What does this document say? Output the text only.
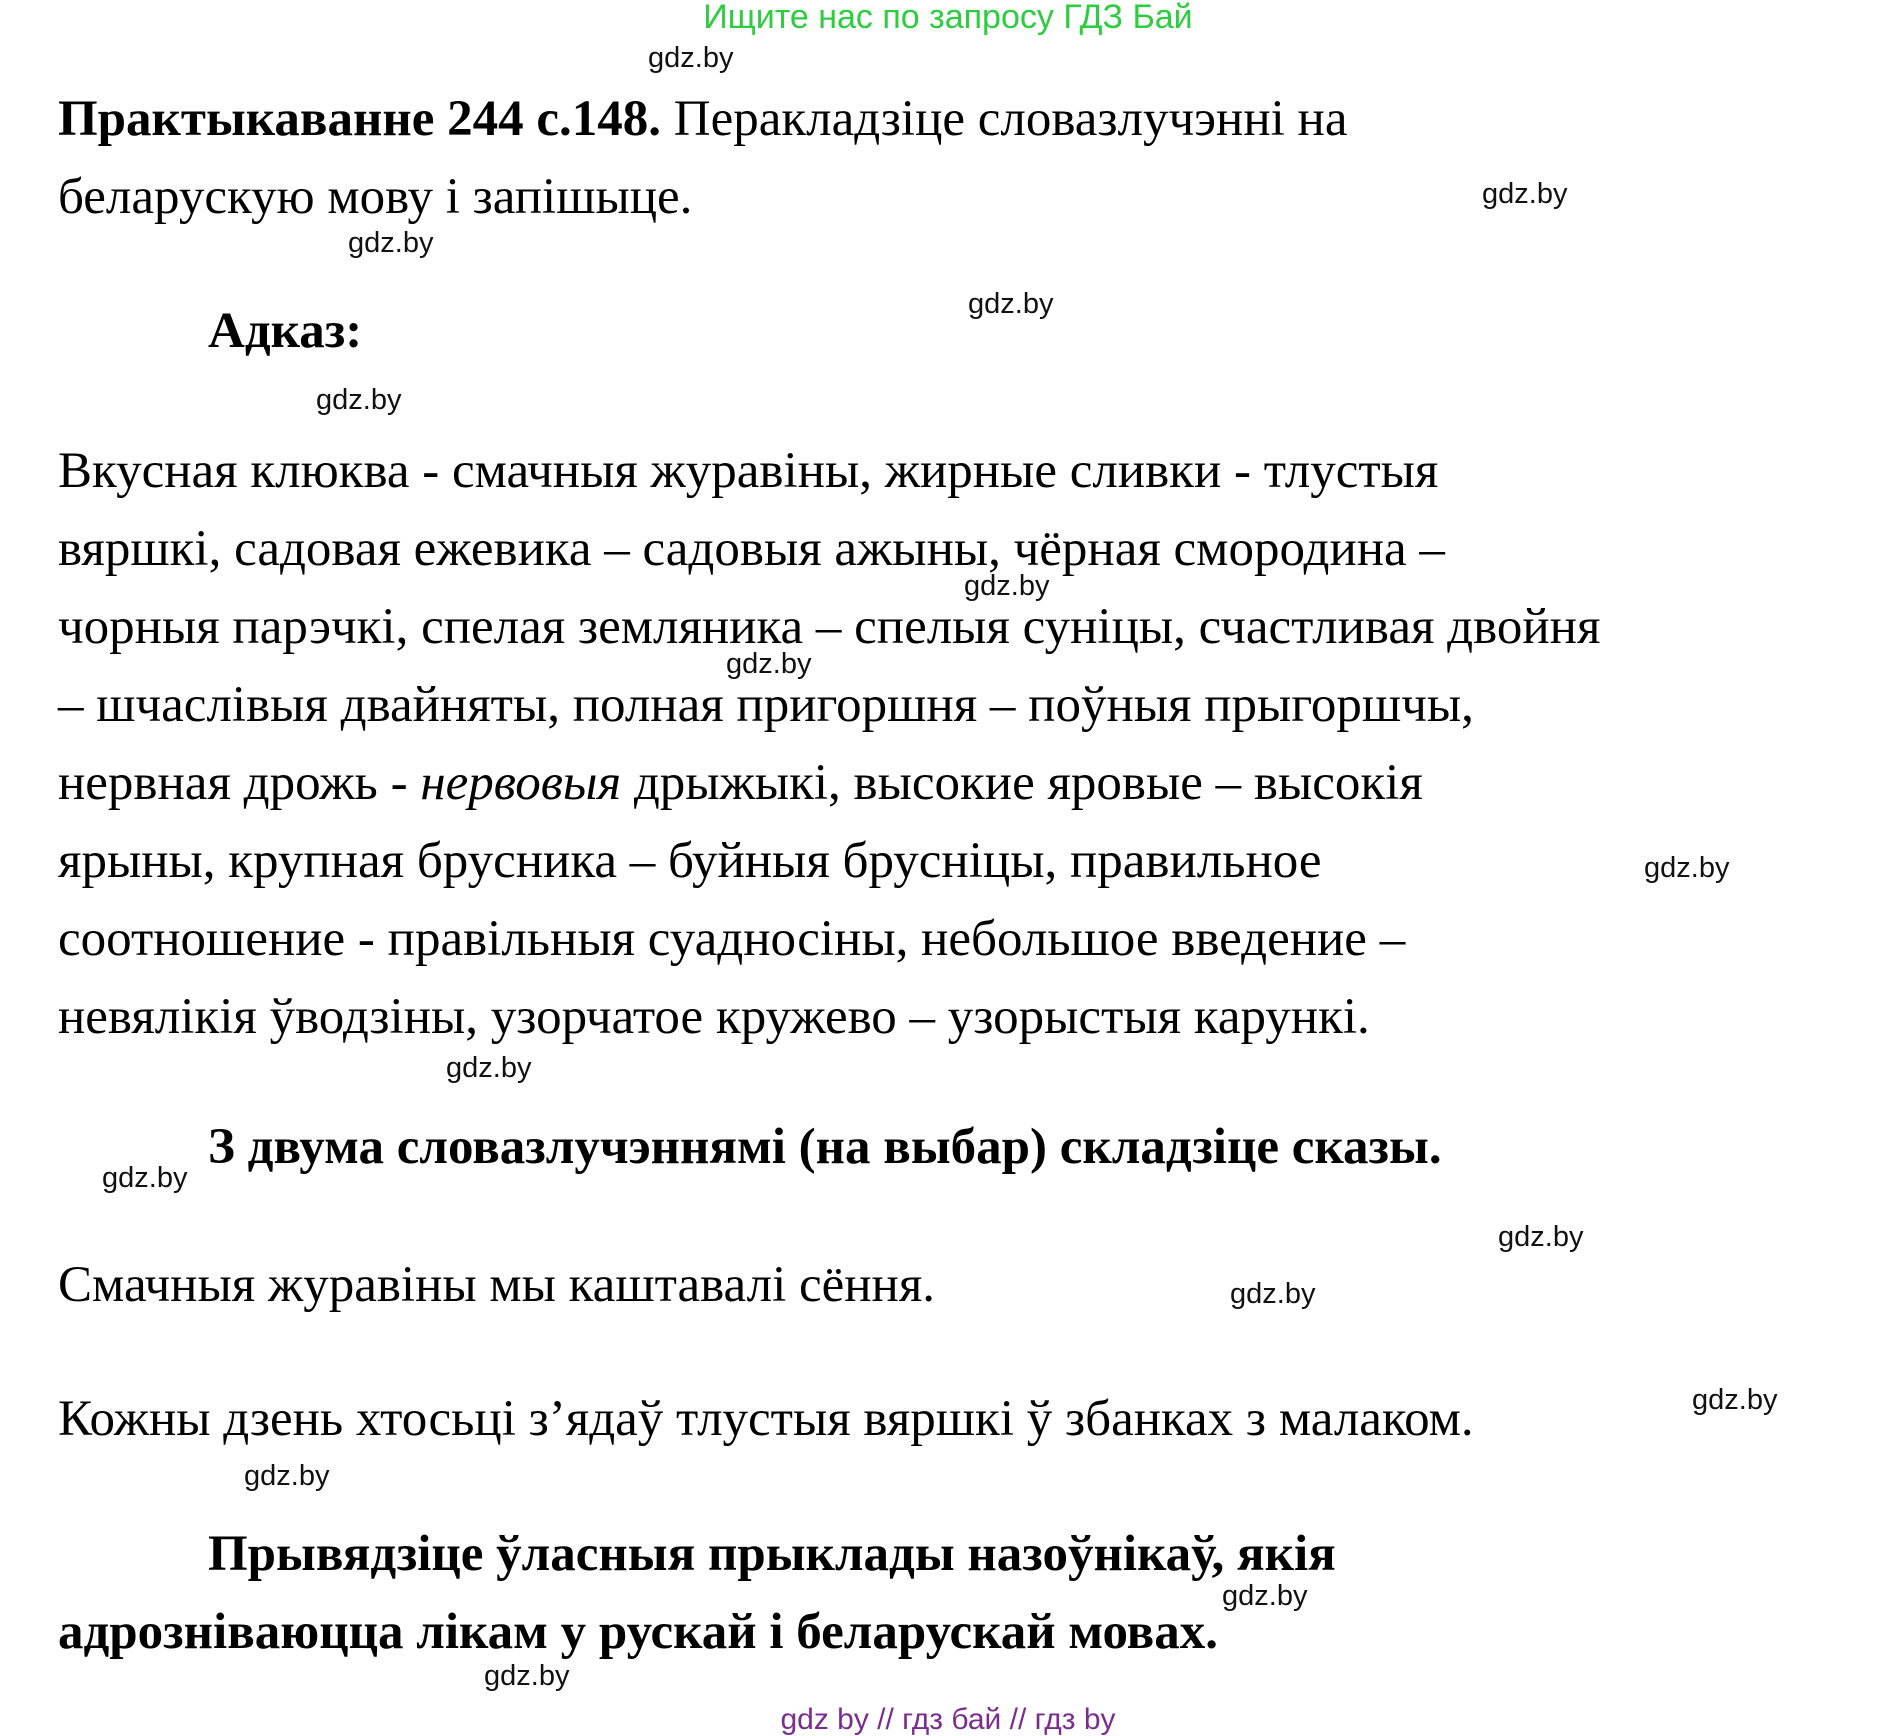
Ищите нас по запросу ГДЗ Бай
gdz.by
gdz.by
gdz.by
gdz.by
gdz.by
gdz.by
gdz.by
gdz.by
gdz.by
gdz.by
gdz.by
gdz.by
gdz.by
gdz.by
gdz.by
gdz.by
Практыкаванне 244 с.148. Перакладзіце словазлучэнні на
беларускую мову і запішыце.
Адказ:
Вкусная клюква - смачныя журавіны, жирные сливки - тлустыя
вяршкі, садовая ежевика – садовыя ажыны, чёрная смородина –
чорныя парэчкі, спелая земляника – спелыя суніцы, счастливая двойня
– шчаслівыя двайняты, полная пригоршня – поўныя прыгоршчы,
нервная дрожь - нервовыя дрыжыкі, высокие яровые – высокія
ярыны, крупная брусника – буйныя брусніцы, правильное
соотношение - правільныя суадносіны, небольшое введение –
невялікія ўводзіны, узорчатое кружево – узорыстыя карункі.
З двума словазлучэннямі (на выбар) складзіце сказы.
Смачныя журавіны мы каштавалі сёння.
Кожны дзень хтосьці з’ядаў тлустыя вяршкі ў збанках з малаком.
Прывядзіце ўласныя прыклады назоўнікаў, якія
адрозніваюцца лікам у рускай і беларускай мовах.
gdz by // гдз бай // гдз by
